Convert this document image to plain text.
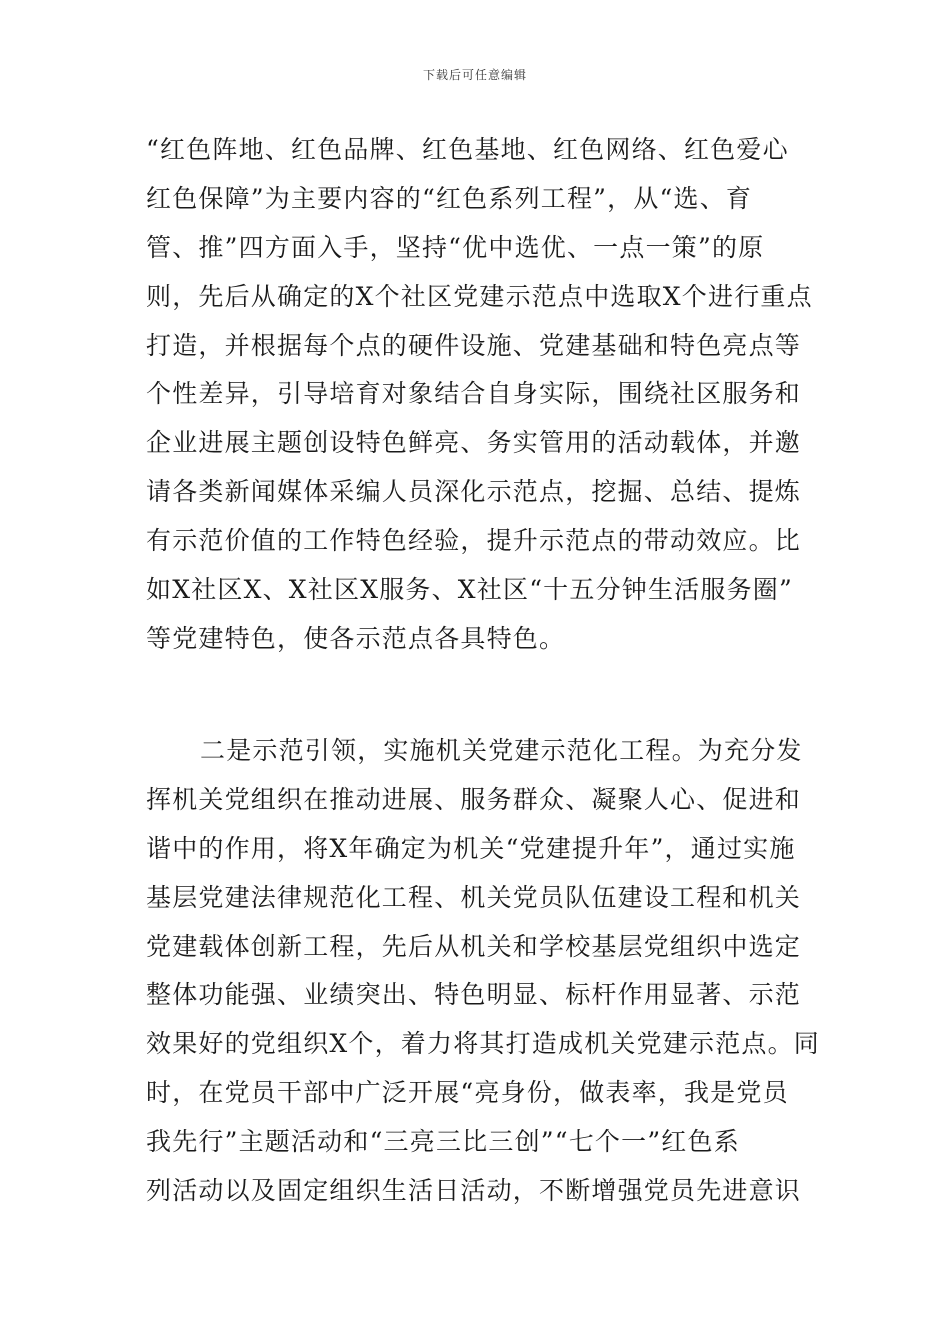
下载后可任意编辑
“红色阵地、红色品牌、红色基地、红色网络、红色爱心
红色保障”为主要内容的“红色系列工程”，从“选、育
管、推”四方面入手，坚持“优中选优、一点一策”的原
则，先后从确定的X个社区党建示范点中选取X个进行重点
打造，并根据每个点的硬件设施、党建基础和特色亮点等
个性差异，引导培育对象结合自身实际，围绕社区服务和
企业进展主题创设特色鲜亮、务实管用的活动载体，并邀
请各类新闻媒体采编人员深化示范点，挖掘、总结、提炼
有示范价值的工作特色经验，提升示范点的带动效应。比
如X社区X、X社区X服务、X社区“十五分钟生活服务圈”
等党建特色，使各示范点各具特色。
二是示范引领，实施机关党建示范化工程。为充分发
挥机关党组织在推动进展、服务群众、凝聚人心、促进和
谐中的作用，将X年确定为机关“党建提升年”，通过实施
基层党建法律规范化工程、机关党员队伍建设工程和机关
党建载体创新工程，先后从机关和学校基层党组织中选定
整体功能强、业绩突出、特色明显、标杆作用显著、示范
效果好的党组织X个，着力将其打造成机关党建示范点。同
时，在党员干部中广泛开展“亮身份，做表率，我是党员
我先行”主题活动和“三亮三比三创”“七个一”红色系
列活动以及固定组织生活日活动，不断增强党员先进意识
